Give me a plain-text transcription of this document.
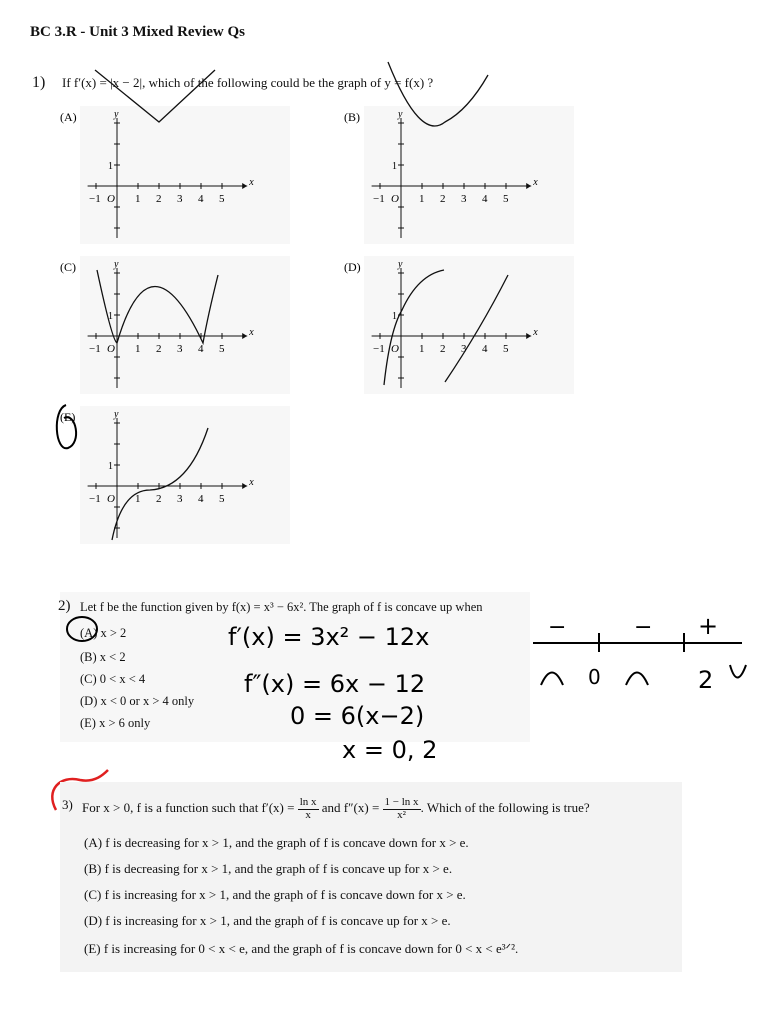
BC 3.R - Unit 3 Mixed Review Qs
1) If f′(x) = |x − 2|, which of the following could be the graph of y = f(x) ?
(A)	y
x
−1 O 1 2 3 4 5
1
(B)	y
x
−1 O 1 2 3 4 5
1
(C)	y
x
−1 O 1 2 3 4 5
1
(D)	y
x
−1 O 1 2 3 4 5
1
(E)	y
x
−1 O 1 2 3 4 5
1
2) Let f be the function given by f(x) = x³ − 6x². The graph of f is concave up when
(A) x > 2
(B) x < 2
(C) 0 < x < 4
(D) x < 0 or x > 4 only
(E) x > 6 only
f′(x) = 3x² − 12x
f″(x) = 6x − 12
0 = 6(x−2)
x = 0, 2
−	− +
0	2
3) For x > 0, f is a function such that $f'(x) = \frac{\text{ln x}}{x}$ and $f''(x) = \frac{\text{1 − ln x}}{\text{x²}}$ . Which of the following is true?
(A) f is decreasing for x > 1, and the graph of f is concave down for x > e.
(B) f is decreasing for x > 1, and the graph of f is concave up for x > e.
(C) f is increasing for x > 1, and the graph of f is concave down for x > e.
(D) f is increasing for x > 1, and the graph of f is concave up for x > e.
(E) f is increasing for 0 < x < e, and the graph of f is concave down for 0 < x < e³ᐟ².
